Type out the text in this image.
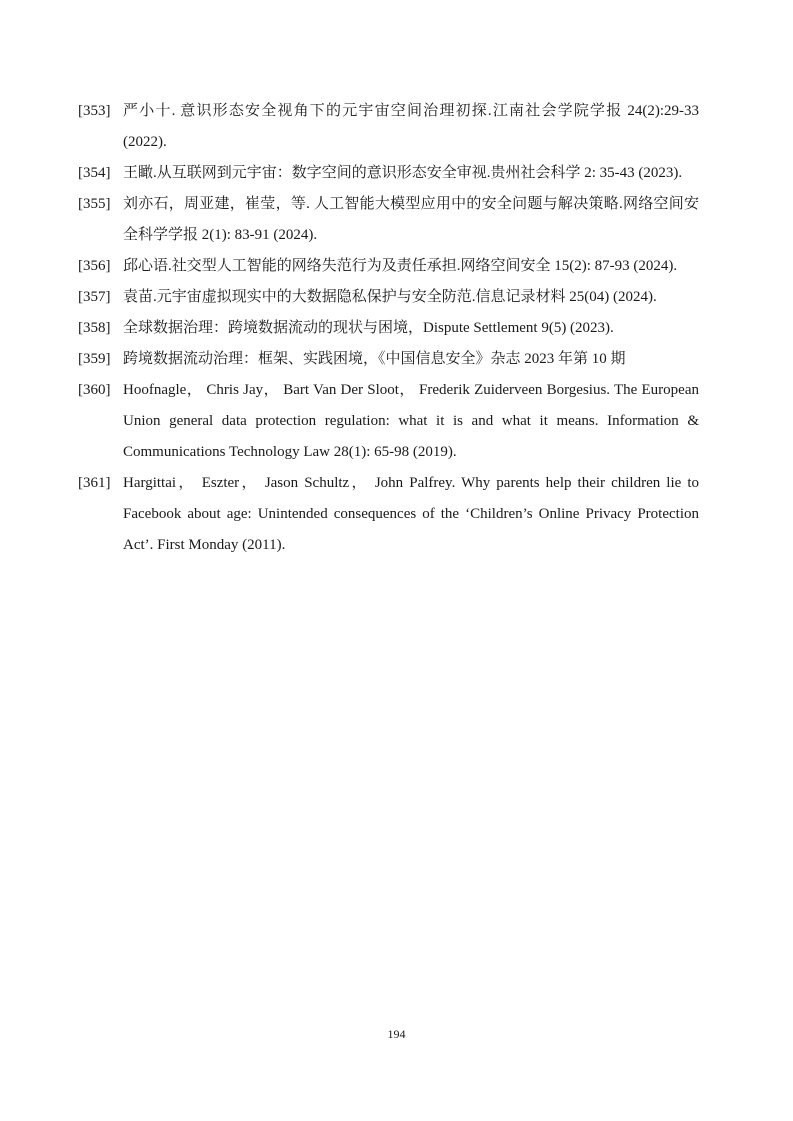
[353] 严小十. 意识形态安全视角下的元宇宙空间治理初探.江南社会学院学报 24(2):29-33 (2022).
[354] 王瞰.从互联网到元宇宙：数字空间的意识形态安全审视.贵州社会科学 2: 35-43 (2023).
[355] 刘亦石，周亚建，崔莹，等. 人工智能大模型应用中的安全问题与解决策略.网络空间安全科学学报 2(1): 83-91 (2024).
[356] 邱心语.社交型人工智能的网络失范行为及责任承担.网络空间安全 15(2): 87-93 (2024).
[357] 袁苗.元宇宙虚拟现实中的大数据隐私保护与安全防范.信息记录材料 25(04) (2024).
[358] 全球数据治理：跨境数据流动的现状与困境，Dispute Settlement 9(5) (2023).
[359] 跨境数据流动治理：框架、实践困境，《中国信息安全》杂志 2023 年第 10 期
[360] Hoofnagle， Chris Jay， Bart Van Der Sloot， Frederik Zuiderveen Borgesius. The European Union general data protection regulation: what it is and what it means. Information & Communications Technology Law 28(1): 65-98 (2019).
[361] Hargittai， Eszter， Jason Schultz， John Palfrey. Why parents help their children lie to Facebook about age: Unintended consequences of the ‘Children’s Online Privacy Protection Act’. First Monday (2011).
194
